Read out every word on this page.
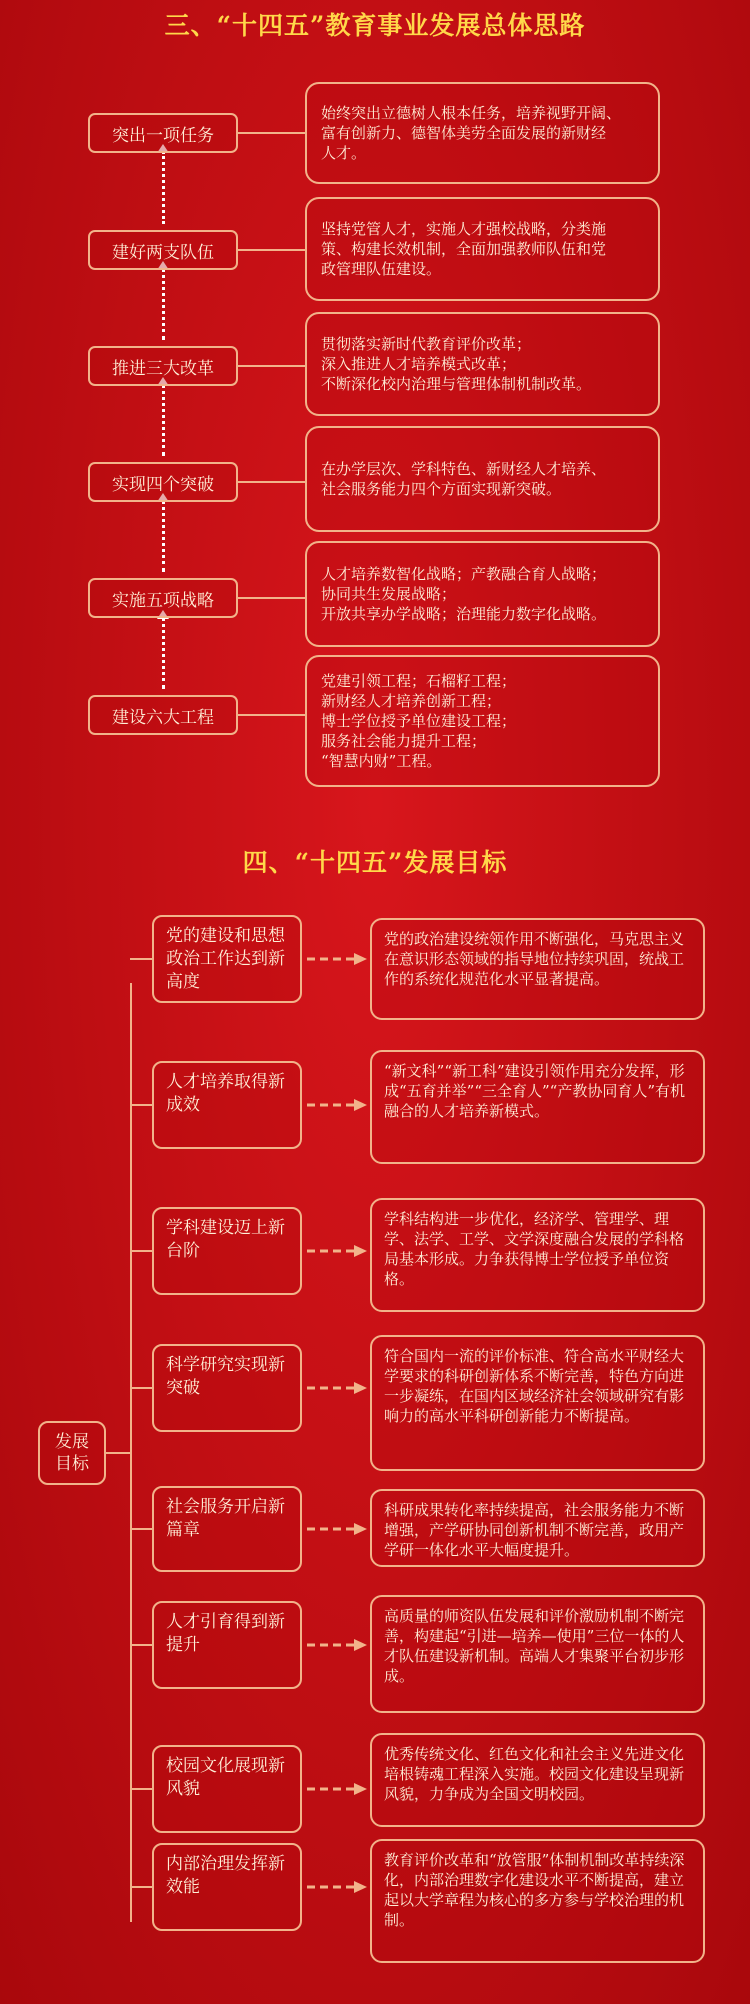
三、“十四五”教育事业发展总体思路
突出一项任务
始终突出立德树人根本任务，培养视野开阔、
富有创新力、德智体美劳全面发展的新财经
人才。
建好两支队伍
坚持党管人才，实施人才强校战略，分类施
策、构建长效机制，全面加强教师队伍和党
政管理队伍建设。
推进三大改革
贯彻落实新时代教育评价改革；
深入推进人才培养模式改革；
不断深化校内治理与管理体制机制改革。
实现四个突破
在办学层次、学科特色、新财经人才培养、
社会服务能力四个方面实现新突破。
实施五项战略
人才培养数智化战略；产教融合育人战略；
协同共生发展战略；
开放共享办学战略；治理能力数字化战略。
建设六大工程
党建引领工程；石榴籽工程；
新财经人才培养创新工程；
博士学位授予单位建设工程；
服务社会能力提升工程；
“智慧内财”工程。
四、“十四五”发展目标
发展目标
党的建设和思想政治工作达到新高度
党的政治建设统领作用不断强化，马克思主义在意识形态领域的指导地位持续巩固，统战工作的系统化规范化水平显著提高。
人才培养取得新成效
“新文科”“新工科”建设引领作用充分发挥，形成“五育并举”“三全育人”“产教协同育人”有机融合的人才培养新模式。
学科建设迈上新台阶
学科结构进一步优化，经济学、管理学、理学、法学、工学、文学深度融合发展的学科格局基本形成。力争获得博士学位授予单位资格。
科学研究实现新突破
符合国内一流的评价标准、符合高水平财经大学要求的科研创新体系不断完善，特色方向进一步凝练，在国内区域经济社会领域研究有影响力的高水平科研创新能力不断提高。
社会服务开启新篇章
科研成果转化率持续提高，社会服务能力不断增强，产学研协同创新机制不断完善，政用产学研一体化水平大幅度提升。
人才引育得到新提升
高质量的师资队伍发展和评价激励机制不断完善，构建起“引进—培养—使用”三位一体的人才队伍建设新机制。高端人才集聚平台初步形成。
校园文化展现新风貌
优秀传统文化、红色文化和社会主义先进文化培根铸魂工程深入实施。校园文化建设呈现新风貌，力争成为全国文明校园。
内部治理发挥新效能
教育评价改革和“放管服”体制机制改革持续深化，内部治理数字化建设水平不断提高，建立起以大学章程为核心的多方参与学校治理的机制。
